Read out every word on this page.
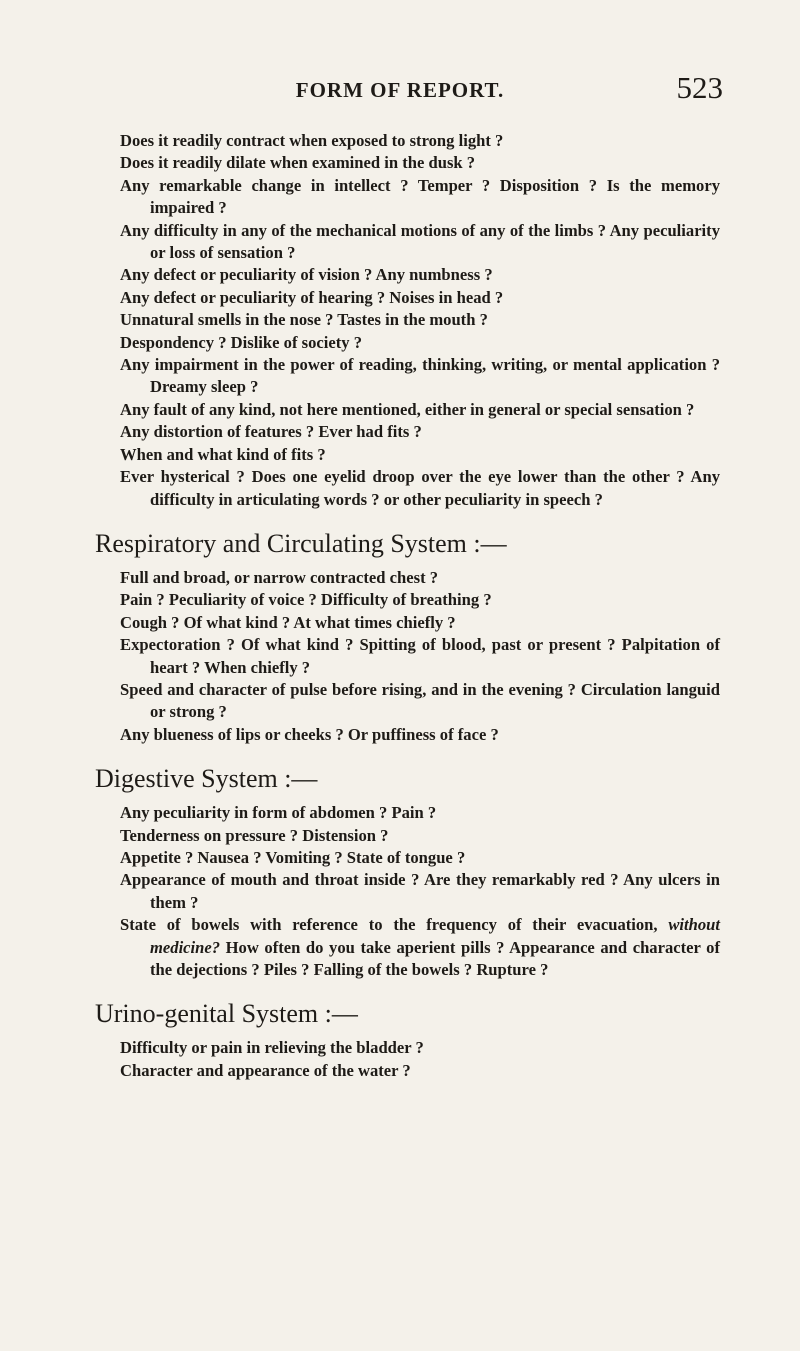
FORM OF REPORT.	523

Does it readily contract when exposed to strong light ?

Does it readily dilate when examined in the dusk ?

Any remarkable change in intellect ? Temper ? Disposition ? Is the memory impaired ?

Any difficulty in any of the mechanical motions of any of the limbs ? Any peculiarity or loss of sensation ?

Any defect or peculiarity of vision ? Any numbness ?

Any defect or peculiarity of hearing ? Noises in head ?

Unnatural smells in the nose ? Tastes in the mouth ?

Despondency ? Dislike of society ?

Any impairment in the power of reading, thinking, writing, or mental application ? Dreamy sleep ?

Any fault of any kind, not here mentioned, either in general or special sensation ?

Any distortion of features ? Ever had fits ?

When and what kind of fits ?

Ever hysterical ? Does one eyelid droop over the eye lower than the other ? Any difficulty in articulating words ? or other peculiarity in speech ?

Respiratory and Circulating System :—

Full and broad, or narrow contracted chest ?

Pain ? Peculiarity of voice ? Difficulty of breathing ?

Cough ? Of what kind ? At what times chiefly ?

Expectoration ? Of what kind ? Spitting of blood, past or present ? Palpitation of heart ? When chiefly ?

Speed and character of pulse before rising, and in the evening ? Circulation languid or strong ?

Any blueness of lips or cheeks ? Or puffiness of face ?

Digestive System :—

Any peculiarity in form of abdomen ? Pain ?

Tenderness on pressure ? Distension ?

Appetite ? Nausea ? Vomiting ? State of tongue ?

Appearance of mouth and throat inside ? Are they remarkably red ? Any ulcers in them ?

State of bowels with reference to the frequency of their evacuation, without medicine? How often do you take aperient pills ? Appearance and character of the dejections ? Piles ? Falling of the bowels ? Rupture ?

Urino-genital System :—

Difficulty or pain in relieving the bladder ?

Character and appearance of the water ?
